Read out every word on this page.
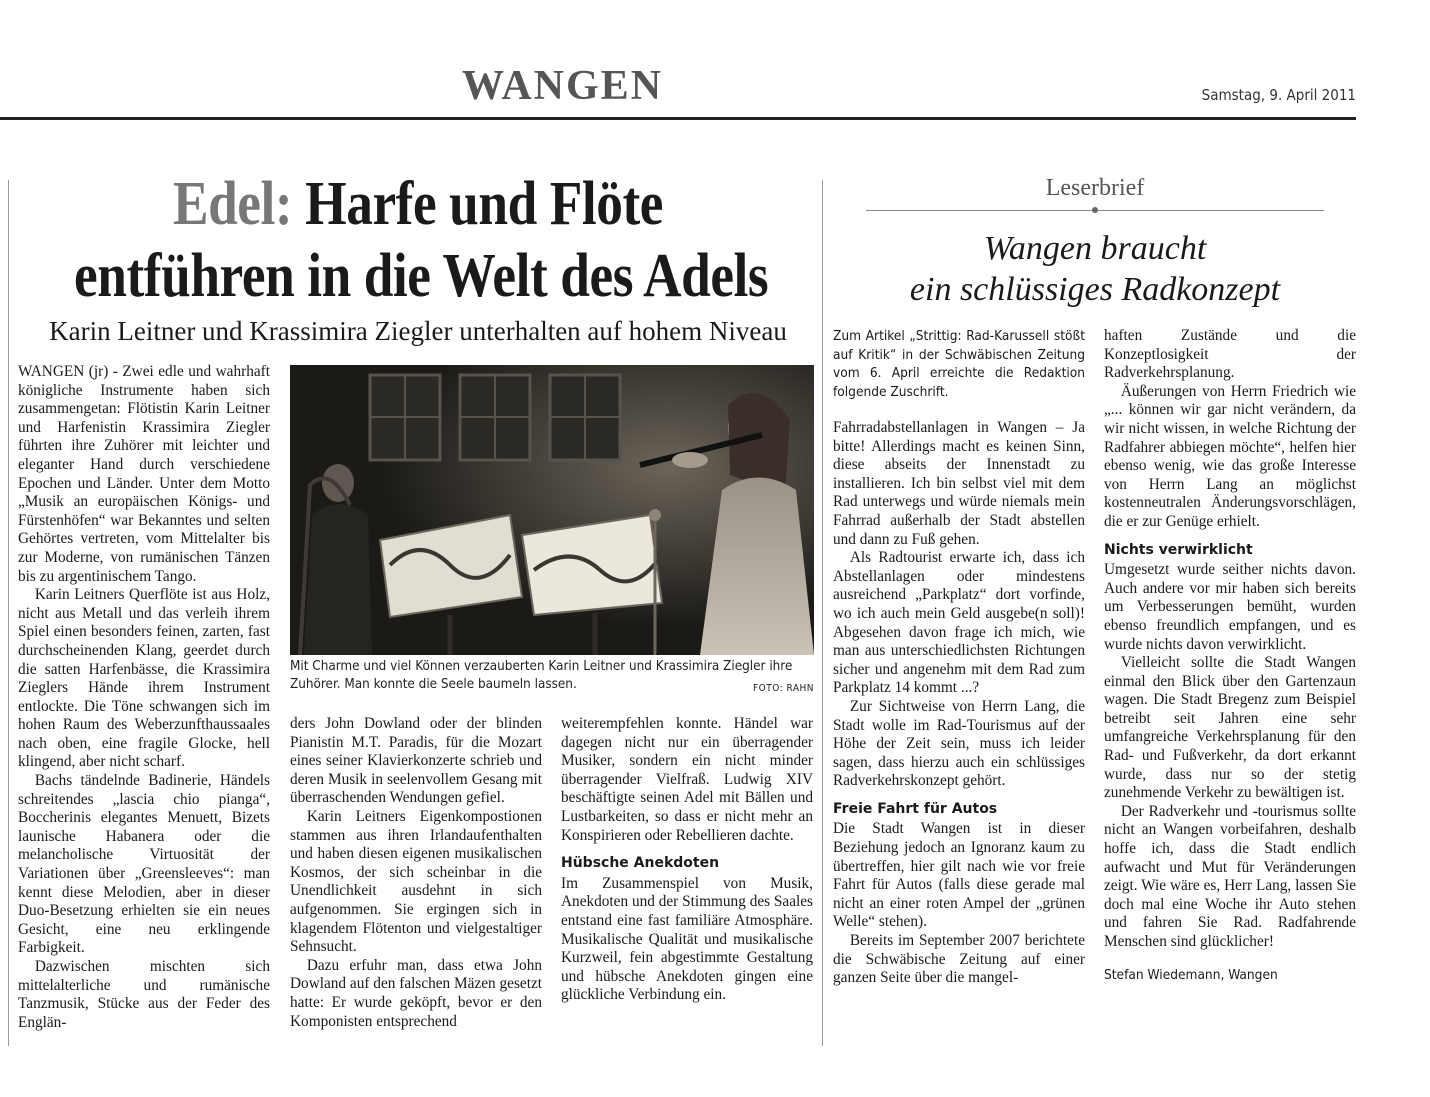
WANGEN	Samstag, 9. April 2011
Edel: Harfe und Flöte
entführen in die Welt des Adels
Karin Leitner und Krassimira Ziegler unterhalten auf hohem Niveau

WANGEN (jr) - Zwei edle und wahrhaft königliche Instrumente haben sich zusammengetan: Flötistin Karin Leitner und Harfenistin Krassimira Ziegler führten ihre Zuhörer mit leichter und eleganter Hand durch verschiedene Epochen und Länder. Unter dem Motto „Musik an europäischen Königs- und Fürstenhöfen“ war Bekanntes und selten Gehörtes vertreten, vom Mittelalter bis zur Moderne, von rumänischen Tänzen bis zu argentinischem Tango.

Karin Leitners Querflöte ist aus Holz, nicht aus Metall und das verleih ihrem Spiel einen besonders feinen, zarten, fast durchscheinenden Klang, geerdet durch die satten Harfenbässe, die Krassimira Zieglers Hände ihrem Instrument entlockte. Die Töne schwangen sich im hohen Raum des Weberzunfthaussaales nach oben, eine fragile Glocke, hell klingend, aber nicht scharf.

Bachs tändelnde Badinerie, Händels schreitendes „lascia chio pianga“, Boccherinis elegantes Menuett, Bizets launische Habanera oder die melancholische Virtuosität der Variationen über „Greensleeves“: man kennt diese Melodien, aber in dieser Duo-Besetzung erhielten sie ein neues Gesicht, eine neu erklingende Farbigkeit.

Dazwischen mischten sich mittelalterliche und rumänische Tanzmusik, Stücke aus der Feder des Englän-

Mit Charme und viel Können verzauberten Karin Leitner und Krassimira Ziegler ihre Zuhörer. Man konnte die Seele baumeln lassen.	FOTO: RAHN

ders John Dowland oder der blinden Pianistin M.T. Paradis, für die Mozart eines seiner Klavierkonzerte schrieb und deren Musik in seelenvollem Gesang mit überraschenden Wendungen gefiel.

Karin Leitners Eigenkompostionen stammen aus ihren Irlandaufenthalten und haben diesen eigenen musikalischen Kosmos, der sich scheinbar in die Unendlichkeit ausdehnt in sich aufgenommen. Sie ergingen sich in klagendem Flötenton und vielgestaltiger Sehnsucht.

Dazu erfuhr man, dass etwa John Dowland auf den falschen Mäzen gesetzt hatte: Er wurde geköpft, bevor er den Komponisten entsprechend

weiterempfehlen konnte. Händel war dagegen nicht nur ein überragender Musiker, sondern ein nicht minder überragender Vielfraß. Ludwig XIV beschäftigte seinen Adel mit Bällen und Lustbarkeiten, so dass er nicht mehr an Konspirieren oder Rebellieren dachte.

Hübsche Anekdoten

Im Zusammenspiel von Musik, Anekdoten und der Stimmung des Saales entstand eine fast familiäre Atmosphäre. Musikalische Qualität und musikalische Kurzweil, fein abgestimmte Gestaltung und hübsche Anekdoten gingen eine glückliche Verbindung ein.

Leserbrief
Wangen braucht
ein schlüssiges Radkonzept

Zum Artikel „Strittig: Rad-Karussell stößt auf Kritik“ in der Schwäbischen Zeitung vom 6. April erreichte die Redaktion folgende Zuschrift.

Fahrradabstellanlagen in Wangen – Ja bitte! Allerdings macht es keinen Sinn, diese abseits der Innenstadt zu installieren. Ich bin selbst viel mit dem Rad unterwegs und würde niemals mein Fahrrad außerhalb der Stadt abstellen und dann zu Fuß gehen.

Als Radtourist erwarte ich, dass ich Abstellanlagen oder mindestens ausreichend „Parkplatz“ dort vorfinde, wo ich auch mein Geld ausgebe(n soll)! Abgesehen davon frage ich mich, wie man aus unterschiedlichsten Richtungen sicher und angenehm mit dem Rad zum Parkplatz 14 kommt ...?

Zur Sichtweise von Herrn Lang, die Stadt wolle im Rad-Tourismus auf der Höhe der Zeit sein, muss ich leider sagen, dass hierzu auch ein schlüssiges Radverkehrskonzept gehört.

Freie Fahrt für Autos

Die Stadt Wangen ist in dieser Beziehung jedoch an Ignoranz kaum zu übertreffen, hier gilt nach wie vor freie Fahrt für Autos (falls diese gerade mal nicht an einer roten Ampel der „grünen Welle“ stehen).

Bereits im September 2007 berichtete die Schwäbische Zeitung auf einer ganzen Seite über die mangel-

haften Zustände und die Konzeptlosigkeit der Radverkehrsplanung.

Äußerungen von Herrn Friedrich wie „... können wir gar nicht verändern, da wir nicht wissen, in welche Richtung der Radfahrer abbiegen möchte“, helfen hier ebenso wenig, wie das große Interesse von Herrn Lang an möglichst kostenneutralen Änderungsvorschlägen, die er zur Genüge erhielt.

Nichts verwirklicht

Umgesetzt wurde seither nichts davon. Auch andere vor mir haben sich bereits um Verbesserungen bemüht, wurden ebenso freundlich empfangen, und es wurde nichts davon verwirklicht.

Vielleicht sollte die Stadt Wangen einmal den Blick über den Gartenzaun wagen. Die Stadt Bregenz zum Beispiel betreibt seit Jahren eine sehr umfangreiche Verkehrsplanung für den Rad- und Fußverkehr, da dort erkannt wurde, dass nur so der stetig zunehmende Verkehr zu bewältigen ist.

Der Radverkehr und -tourismus sollte nicht an Wangen vorbeifahren, deshalb hoffe ich, dass die Stadt endlich aufwacht und Mut für Veränderungen zeigt. Wie wäre es, Herr Lang, lassen Sie doch mal eine Woche ihr Auto stehen und fahren Sie Rad. Radfahrende Menschen sind glücklicher!

Stefan Wiedemann, Wangen
